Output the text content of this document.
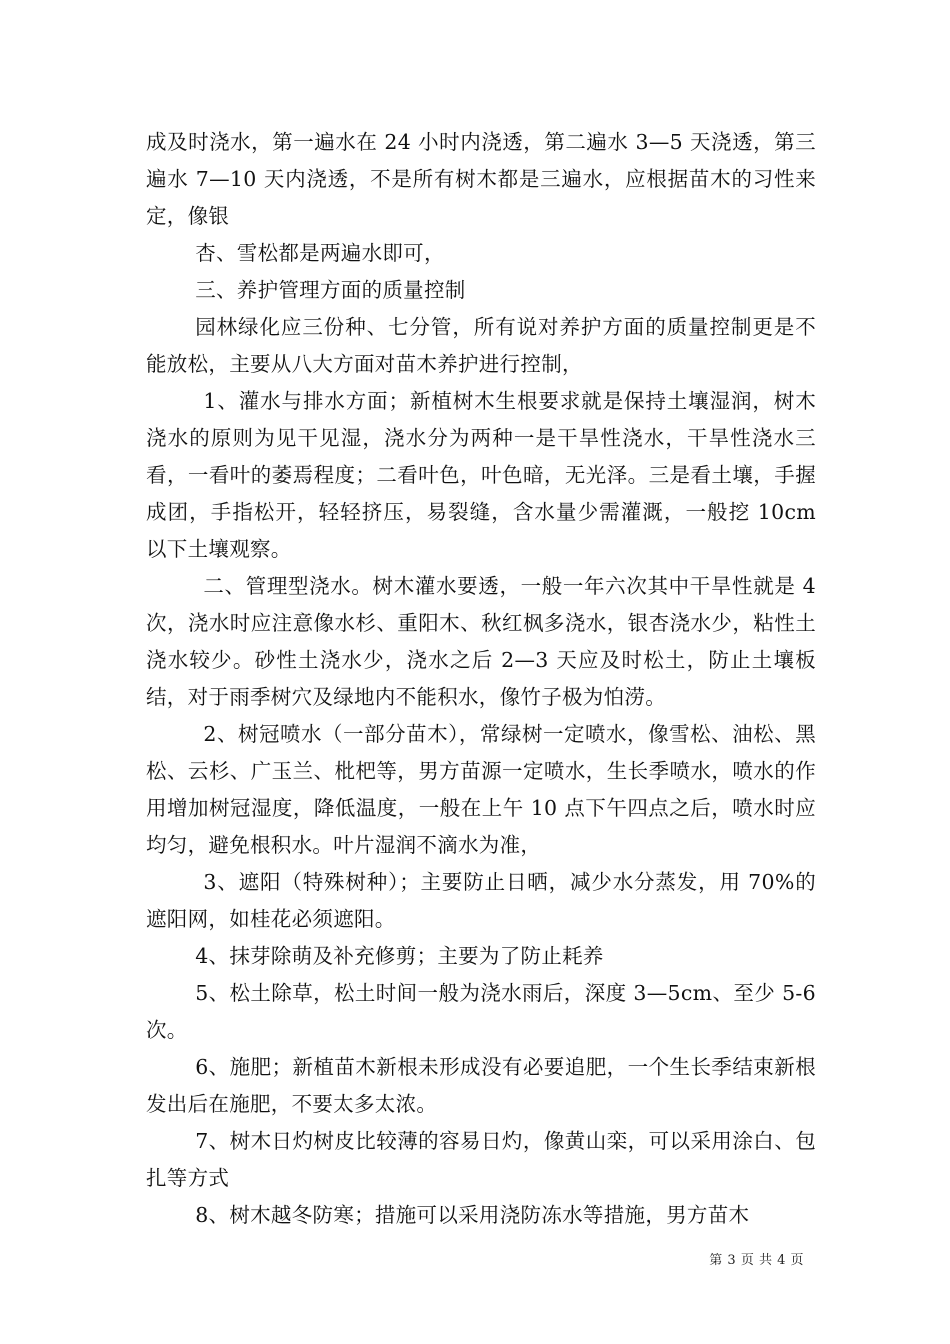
成及时浇水，第一遍水在 24 小时内浇透，第二遍水 3—5 天浇透，第三遍水 7—10 天内浇透，不是所有树木都是三遍水，应根据苗木的习性来定，像银

杏、雪松都是两遍水即可，

三、养护管理方面的质量控制

园林绿化应三份种、七分管，所有说对养护方面的质量控制更是不能放松，主要从八大方面对苗木养护进行控制，

1、灌水与排水方面；新植树木生根要求就是保持土壤湿润，树木浇水的原则为见干见湿，浇水分为两种一是干旱性浇水，干旱性浇水三看，一看叶的萎焉程度；二看叶色，叶色暗，无光泽。三是看土壤，手握成团，手指松开，轻轻挤压，易裂缝，含水量少需灌溉，一般挖 10cm 以下土壤观察。

二、管理型浇水。树木灌水要透，一般一年六次其中干旱性就是 4 次，浇水时应注意像水杉、重阳木、秋红枫多浇水，银杏浇水少，粘性土浇水较少。砂性土浇水少，浇水之后 2—3 天应及时松土，防止土壤板结，对于雨季树穴及绿地内不能积水，像竹子极为怕涝。

2、树冠喷水（一部分苗木），常绿树一定喷水，像雪松、油松、黑松、云杉、广玉兰、枇杷等，男方苗源一定喷水，生长季喷水，喷水的作用增加树冠湿度，降低温度，一般在上午 10 点下午四点之后，喷水时应均匀，避免根积水。叶片湿润不滴水为准，

3、遮阳（特殊树种）；主要防止日晒，减少水分蒸发，用 70%的遮阳网，如桂花必须遮阳。

4、抹芽除萌及补充修剪；主要为了防止耗养

5、松土除草，松土时间一般为浇水雨后，深度 3—5cm、至少 5-6 次。

6、施肥；新植苗木新根未形成没有必要追肥，一个生长季结束新根发出后在施肥，不要太多太浓。

7、树木日灼树皮比较薄的容易日灼，像黄山栾，可以采用涂白、包扎等方式

8、树木越冬防寒；措施可以采用浇防冻水等措施，男方苗木

第 3 页 共 4 页
